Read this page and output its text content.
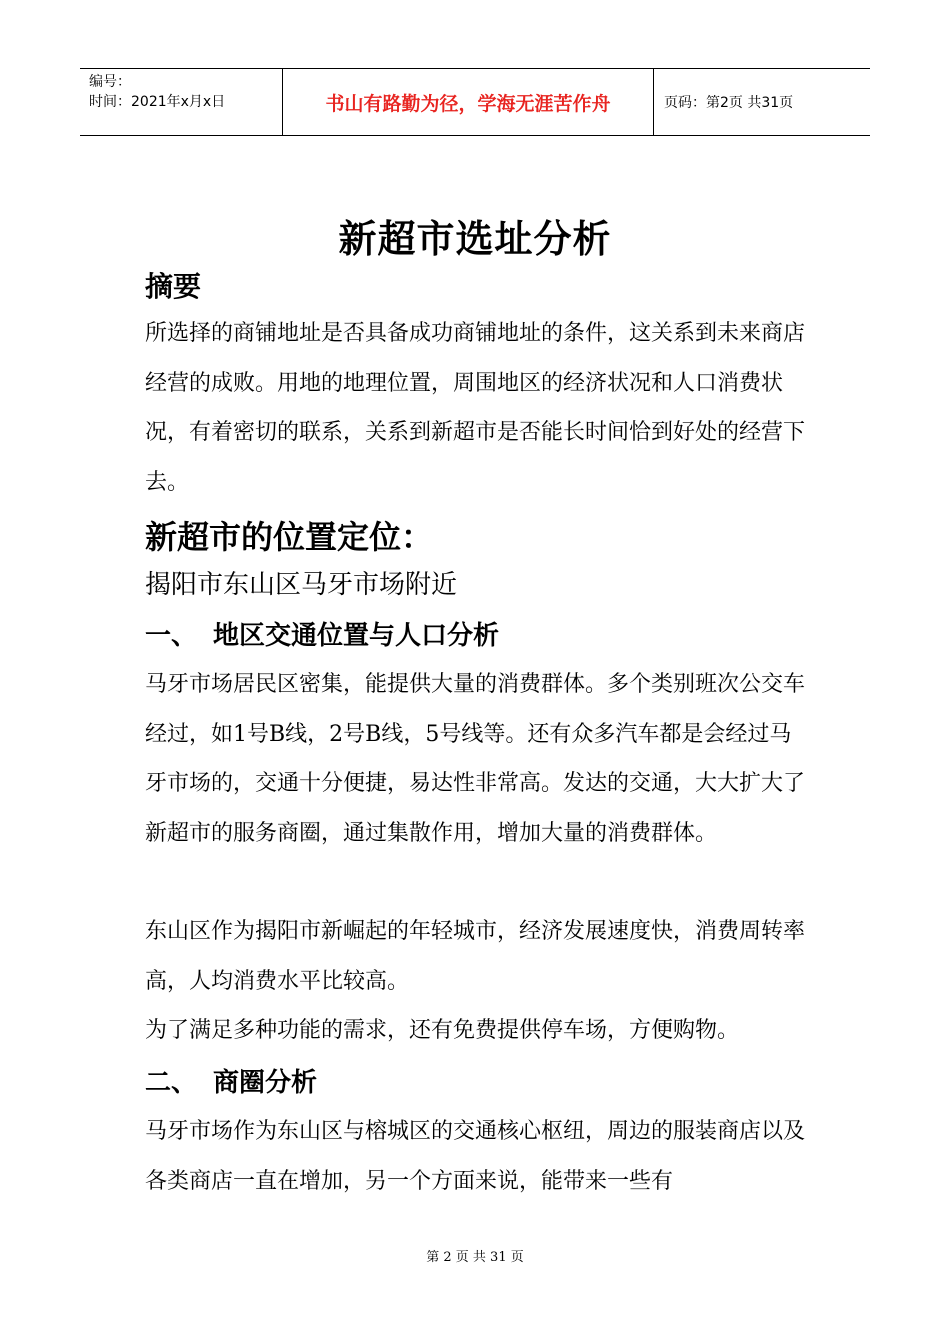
编号：
时间：2021年x月x日	书山有路勤为径，学海无涯苦作舟	页码：第2页 共31页
新超市选址分析
摘要

所选择的商铺地址是否具备成功商铺地址的条件，这关系到未来商店经营的成败。用地的地理位置，周围地区的经济状况和人口消费状况，有着密切的联系，关系到新超市是否能长时间恰到好处的经营下去。

新超市的位置定位：
揭阳市东山区马牙市场附近
一、 地区交通位置与人口分析

马牙市场居民区密集，能提供大量的消费群体。多个类别班次公交车经过，如1号B线，2号B线，5号线等。还有众多汽车都是会经过马牙市场的，交通十分便捷，易达性非常高。发达的交通，大大扩大了新超市的服务商圈，通过集散作用，增加大量的消费群体。

东山区作为揭阳市新崛起的年轻城市，经济发展速度快，消费周转率高，人均消费水平比较高。

为了满足多种功能的需求，还有免费提供停车场，方便购物。

二、 商圈分析

马牙市场作为东山区与榕城区的交通核心枢纽，周边的服装商店以及各类商店一直在增加，另一个方面来说，能带来一些有

第 2 页 共 31 页
